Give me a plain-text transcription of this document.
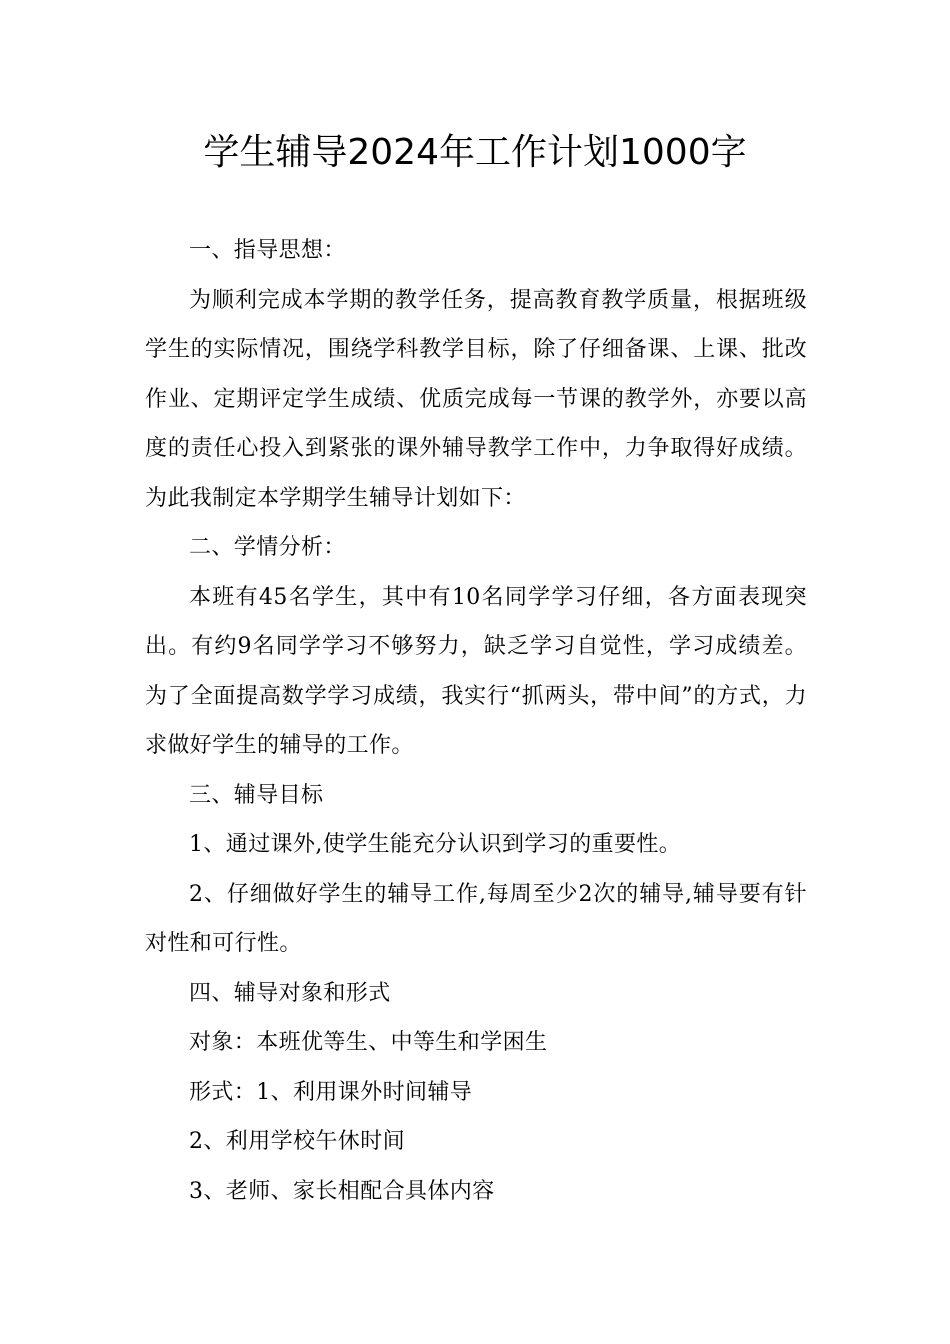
学生辅导2024年工作计划1000字

一、指导思想：

为顺利完成本学期的教学任务，提高教育教学质量，根据班级学生的实际情况，围绕学科教学目标，除了仔细备课、上课、批改作业、定期评定学生成绩、优质完成每一节课的教学外，亦要以高度的责任心投入到紧张的课外辅导教学工作中，力争取得好成绩。为此我制定本学期学生辅导计划如下：

二、学情分析：

本班有45名学生，其中有10名同学学习仔细，各方面表现突出。有约9名同学学习不够努力，缺乏学习自觉性，学习成绩差。为了全面提高数学学习成绩，我实行“抓两头，带中间”的方式，力求做好学生的辅导的工作。

三、辅导目标

1、通过课外,使学生能充分认识到学习的重要性。

2、仔细做好学生的辅导工作,每周至少2次的辅导,辅导要有针对性和可行性。

四、辅导对象和形式

对象：本班优等生、中等生和学困生

形式：1、利用课外时间辅导

2、利用学校午休时间

3、老师、家长相配合具体内容
